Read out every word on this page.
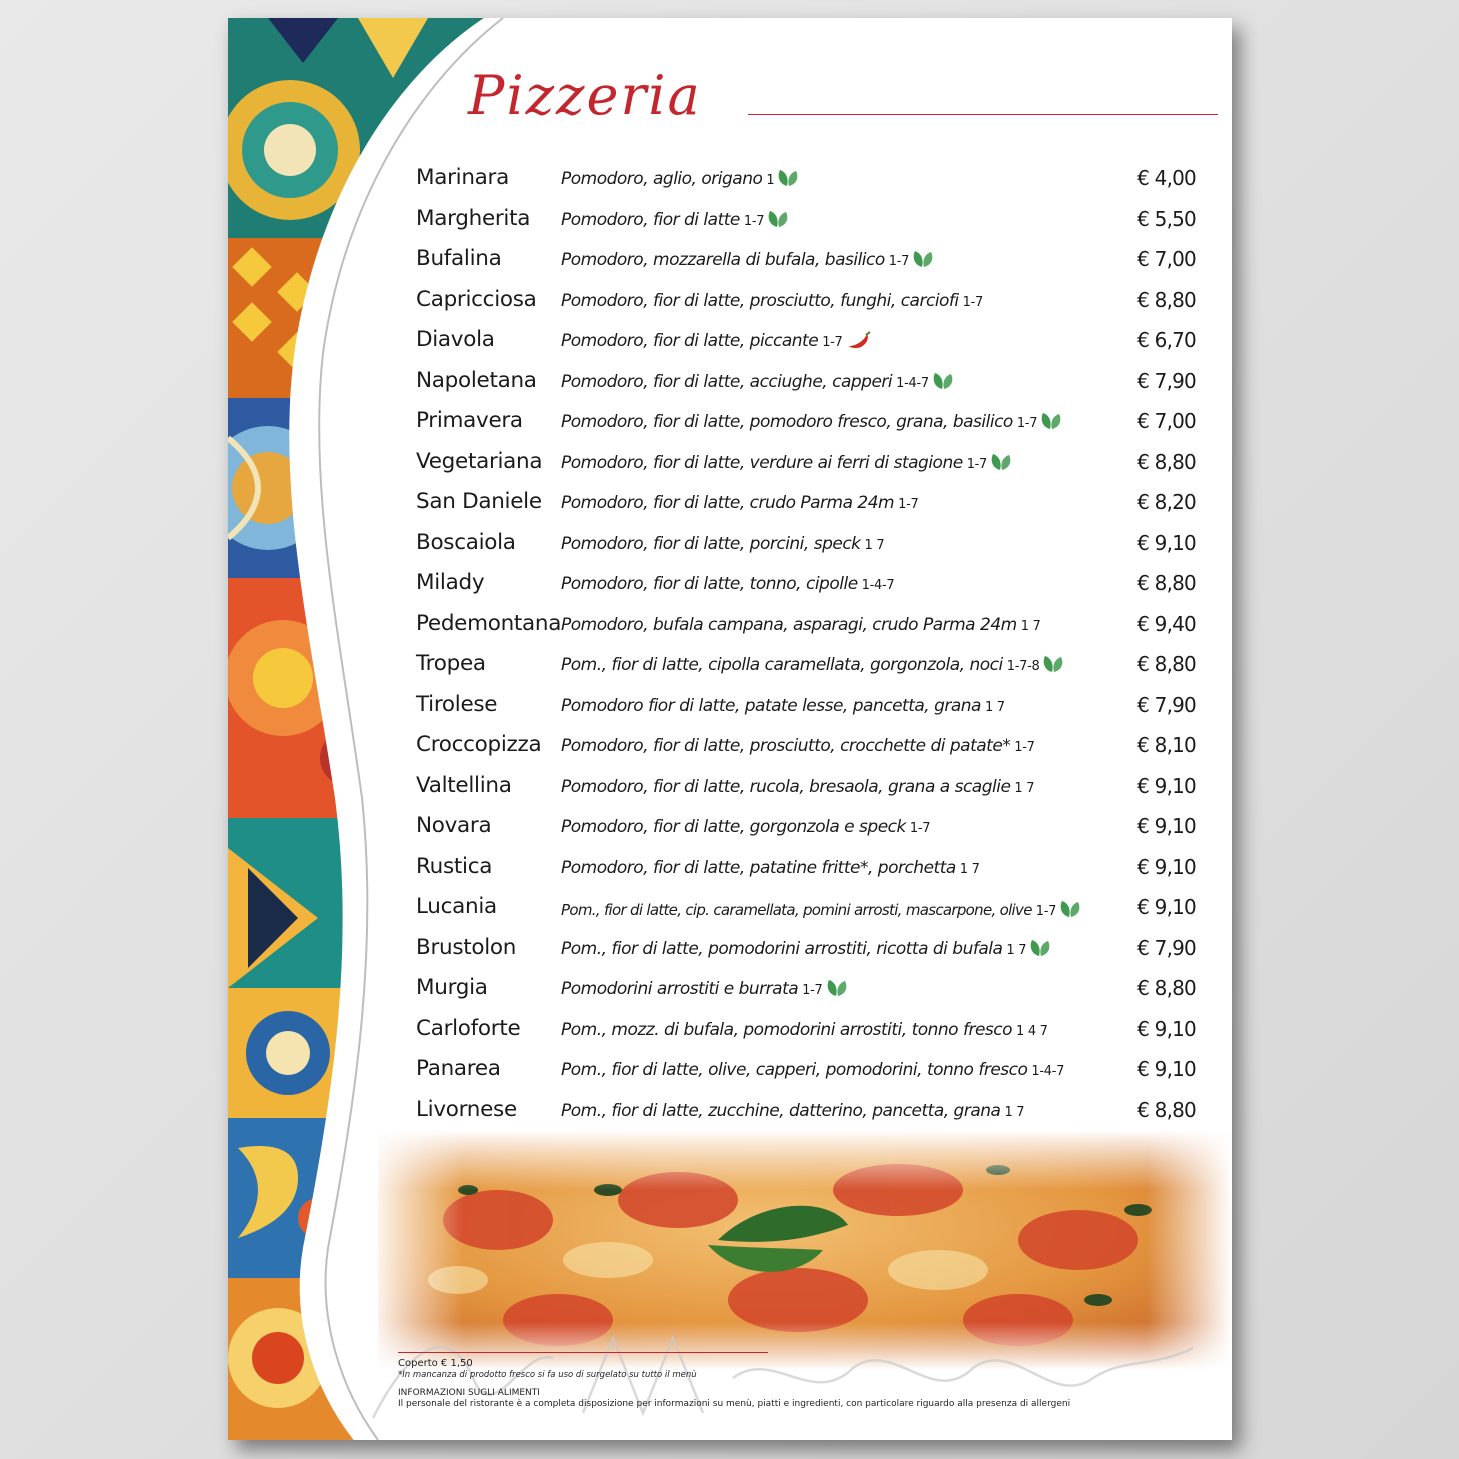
Pizzeria
Marinara	Pomodoro, aglio, origano 1	€ 4,00
Margherita	Pomodoro, fior di latte 1-7	€ 5,50
Bufalina	Pomodoro, mozzarella di bufala, basilico 1-7	€ 7,00
Capricciosa	Pomodoro, fior di latte, prosciutto, funghi, carciofi 1-7	€ 8,80
Diavola	Pomodoro, fior di latte, piccante 1-7	€ 6,70
Napoletana	Pomodoro, fior di latte, acciughe, capperi 1-4-7	€ 7,90
Primavera	Pomodoro, fior di latte, pomodoro fresco, grana, basilico 1-7	€ 7,00
Vegetariana	Pomodoro, fior di latte, verdure ai ferri di stagione 1-7	€ 8,80
San Daniele	Pomodoro, fior di latte, crudo Parma 24m 1-7	€ 8,20
Boscaiola	Pomodoro, fior di latte, porcini, speck 1 7	€ 9,10
Milady	Pomodoro, fior di latte, tonno, cipolle 1-4-7	€ 8,80
Pedemontana Pomodoro, bufala campana, asparagi, crudo Parma 24m 1 7	€ 9,40
Tropea	Pom., fior di latte, cipolla caramellata, gorgonzola, noci 1-7-8	€ 8,80
Tirolese	Pomodoro fior di latte, patate lesse, pancetta, grana 1 7	€ 7,90
Croccopizza	Pomodoro, fior di latte, prosciutto, crocchette di patate* 1-7	€ 8,10
Valtellina	Pomodoro, fior di latte, rucola, bresaola, grana a scaglie 1 7	€ 9,10
Novara	Pomodoro, fior di latte, gorgonzola e speck 1-7	€ 9,10
Rustica	Pomodoro, fior di latte, patatine fritte*, porchetta 1 7	€ 9,10
Lucania	Pom., fior di latte, cip. caramellata, pomini arrosti, mascarpone, olive 1-7	€ 9,10
Brustolon	Pom., fior di latte, pomodorini arrostiti, ricotta di bufala 1 7	€ 7,90
Murgia	Pomodorini arrostiti e burrata 1-7	€ 8,80
Carloforte	Pom., mozz. di bufala, pomodorini arrostiti, tonno fresco 1 4 7	€ 9,10
Panarea	Pom., fior di latte, olive, capperi, pomodorini, tonno fresco 1-4-7	€ 9,10
Livornese	Pom., fior di latte, zucchine, datterino, pancetta, grana 1 7	€ 8,80
Coperto € 1,50
*In mancanza di prodotto fresco si fa uso di surgelato su tutto il menù
INFORMAZIONI SUGLI ALIMENTI
Il personale del ristorante è a completa disposizione per informazioni su menù, piatti e ingredienti, con particolare riguardo alla presenza di allergeni
